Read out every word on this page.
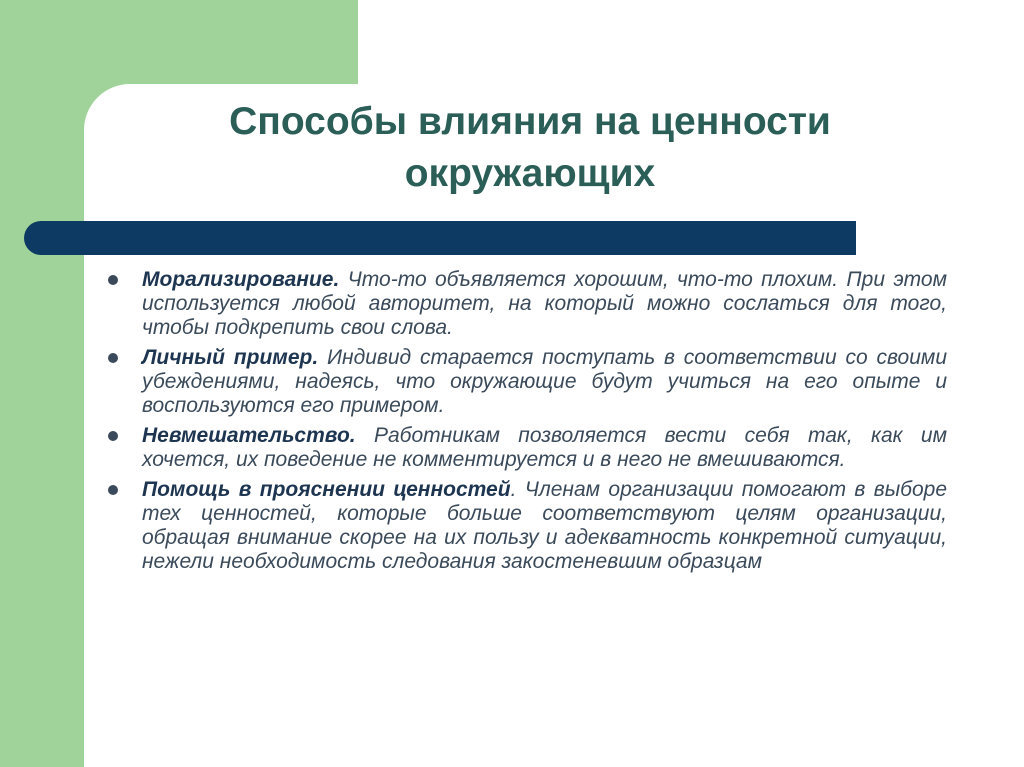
Способы влияния на ценности
окружающих
Морализирование. Что-то объявляется хорошим, что-то плохим. При этом используется любой авторитет, на который можно сослаться для того, чтобы подкрепить свои слова.
Личный пример. Индивид старается поступать в соответствии со своими убеждениями, надеясь, что окружающие будут учиться на его опыте и воспользуются его примером.
Невмешательство. Работникам позволяется вести себя так, как им хочется, их поведение не комментируется и в него не вмешиваются.
Помощь в прояснении ценностей. Членам организации помогают в выборе тех ценностей, которые больше соответствуют целям организации, обращая внимание скорее на их пользу и адекватность конкретной ситуации, нежели необходимость следования закостеневшим образцам
